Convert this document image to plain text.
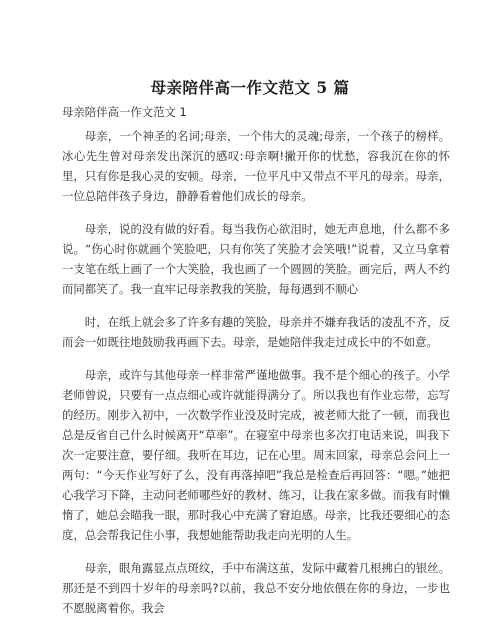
母亲陪伴高一作文范文 5 篇

母亲陪伴高一作文范文 1

母亲，一个神圣的名词;母亲，一个伟大的灵魂;母亲，一个孩子的榜样。冰心先生曾对母亲发出深沉的感叹:母亲啊!撇开你的忧愁，容我沉在你的怀里，只有你是我心灵的安顿。母亲，一位平凡中又带点不平凡的母亲。母亲，一位总陪伴孩子身边，静静看着他们成长的母亲。

母亲，说的没有做的好看。每当我伤心欲泪时，她无声息地，什么都不多说。“伤心时你就画个笑脸吧，只有你笑了笑脸才会笑哦!”说着，又立马拿着一支笔在纸上画了一个大笑脸，我也画了一个圆圆的笑脸。画完后，两人不约而同都笑了。我一直牢记母亲教我的笑脸，每每遇到不顺心

时，在纸上就会多了许多有趣的笑脸，母亲并不嫌弃我话的凌乱不齐，反而会一如既往地鼓励我再画下去。母亲，是她陪伴我走过成长中的不如意。

母亲，或许与其他母亲一样非常严谨地做事。我不是个细心的孩子。小学老师曾说，只要有一点点细心或许就能得满分了。所以我也有作业忘带，忘写的经历。刚步入初中，一次数学作业没及时完成，被老师大批了一顿，而我也总是反省自己什么时候离开“草率”。在寝室中母亲也多次打电话来说，叫我下次一定要注意，要仔细。我听在耳边，记在心里。周末回家，母亲总会问上一两句：“今天作业写好了么，没有再落掉吧”我总是检查后再回答：“嗯。”她把心我学习下降，主动问老师哪些好的教材、练习，让我在家多做。而我有时懒惰了，她总会瞄我一眼，那时我心中充满了窘迫感。母亲，比我还要细心的态度，总会帮我记住小事，我想她能帮助我走向光明的人生。

母亲，眼角露显点点斑纹，手中布满这茧，发际中藏着几根拂白的银丝。那还是不到四十岁年的母亲吗?以前，我总不安分地依偎在你的身边，一步也不愿脱离着你。我会
